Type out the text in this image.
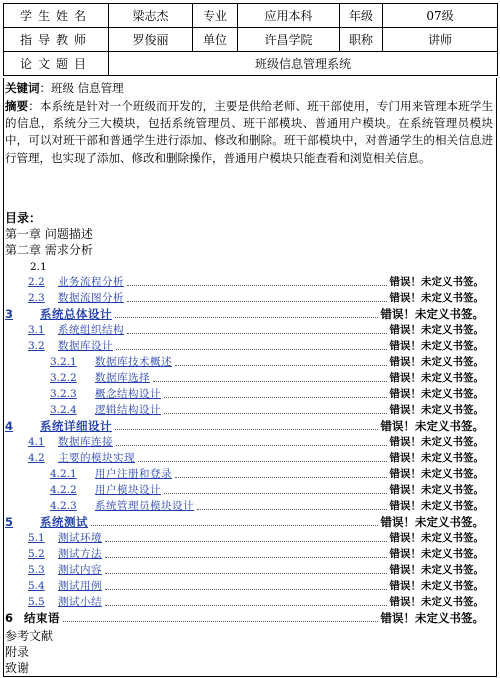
学生姓名	梁志杰	专业	应用本科	年级	07级
指导教师	罗俊丽	单位	许昌学院	职称	讲师
论文题目	班级信息管理系统				
关键词：班级 信息管理
摘要：本系统是针对一个班级而开发的，主要是供给老师、班干部使用，专门用来管理本班学生的信息，系统分三大模块，包括系统管理员、班干部模块、普通用户模块。在系统管理员模块中，可以对班干部和普通学生进行添加、修改和删除。班干部模块中，对普通学生的相关信息进行管理，也实现了添加、修改和删除操作，普通用户模块只能查看和浏览相关信息。
目录：
第一章 问题描述
第二章 需求分析
2.1
2.2 业务流程分析	错误！未定义书签。
2.3 数据流图分析	错误！未定义书签。
3 系统总体设计	错误！未定义书签。
3.1 系统组织结构	错误！未定义书签。
3.2 数据库设计	错误！未定义书签。
3.2.1 数据库技术概述	错误！未定义书签。
3.2.2 数据库选择	错误！未定义书签。
3.2.3 概念结构设计	错误！未定义书签。
3.2.4 逻辑结构设计	错误！未定义书签。
4 系统详细设计	错误！未定义书签。
4.1 数据库连接	错误！未定义书签。
4.2 主要的模块实现	错误！未定义书签。
4.2.1 用户注册和登录	错误！未定义书签。
4.2.2 用户模块设计	错误！未定义书签。
4.2.3 系统管理员模块设计	错误！未定义书签。
5 系统测试	错误！未定义书签。
5.1 测试环境	错误！未定义书签。
5.2 测试方法	错误！未定义书签。
5.3 测试内容	错误！未定义书签。
5.4 测试用例	错误！未定义书签。
5.5 测试小结	错误！未定义书签。
6 结束语	错误！未定义书签。
参考文献
附录
致谢
